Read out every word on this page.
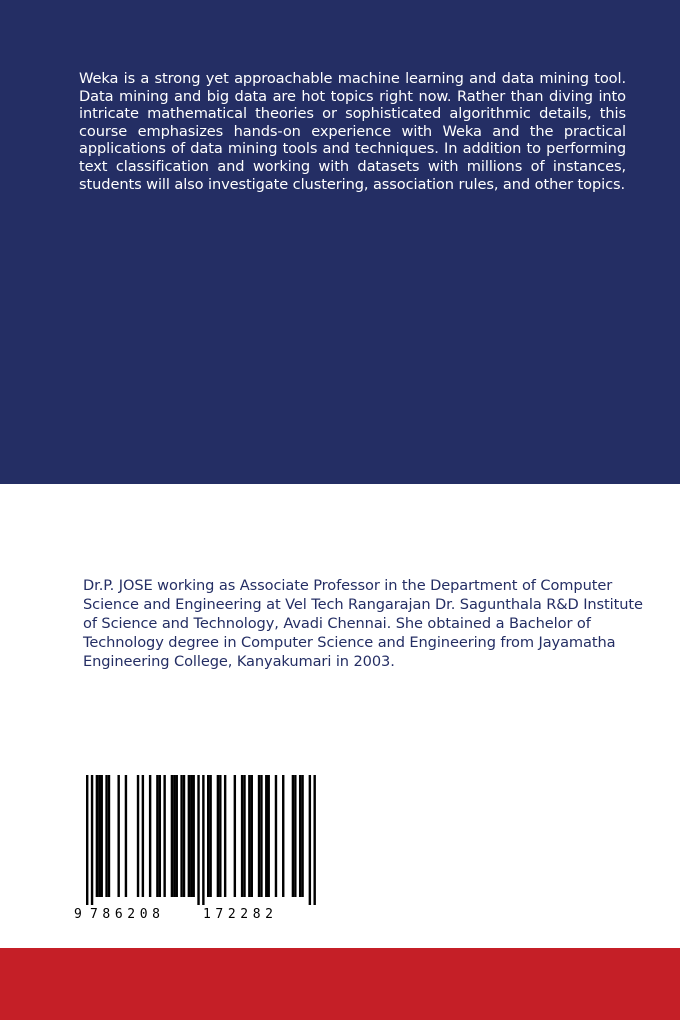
Weka is a strong yet approachable machine learning and data mining tool. Data mining and big data are hot topics right now. Rather than diving into intricate mathematical theories or sophisticated algorithmic details, this course emphasizes hands-on experience with Weka and the practical applications of data mining tools and techniques. In addition to performing text classification and working with datasets with millions of instances, students will also investigate clustering, association rules, and other topics.

Dr.P. JOSE working as Associate Professor in the Department of Computer Science and Engineering at Vel Tech Rangarajan Dr. Sagunthala R&D Institute of Science and Technology, Avadi Chennai. She obtained a Bachelor of Technology degree in Computer Science and Engineering from Jayamatha Engineering College, Kanyakumari in 2003.

9 786208	172282
